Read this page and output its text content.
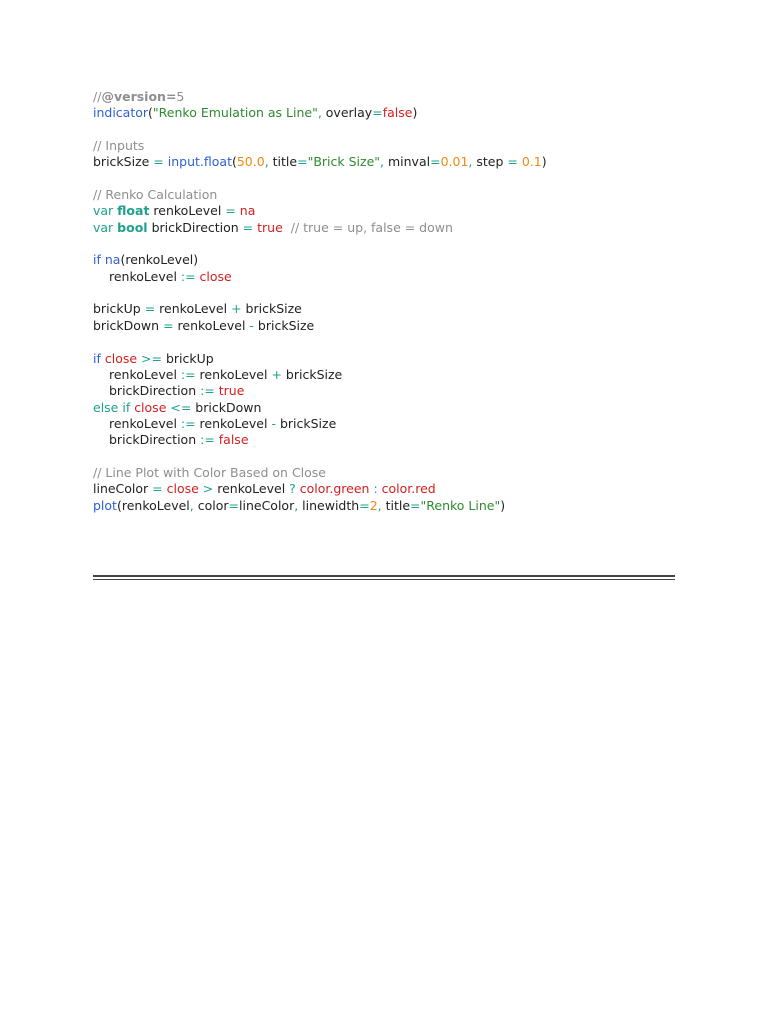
//@version=5
indicator("Renko Emulation as Line", overlay=false)
// Inputs
brickSize = input.float(50.0, title="Brick Size", minval=0.01, step = 0.1)
// Renko Calculation
var float renkoLevel = na
var bool brickDirection = true  // true = up, false = down
if na(renkoLevel)
renkoLevel := close
brickUp = renkoLevel + brickSize
brickDown = renkoLevel - brickSize
if close >= brickUp
renkoLevel := renkoLevel + brickSize
brickDirection := true
else if close <= brickDown
renkoLevel := renkoLevel - brickSize
brickDirection := false
// Line Plot with Color Based on Close
lineColor = close > renkoLevel ? color.green : color.red
plot(renkoLevel, color=lineColor, linewidth=2, title="Renko Line")
